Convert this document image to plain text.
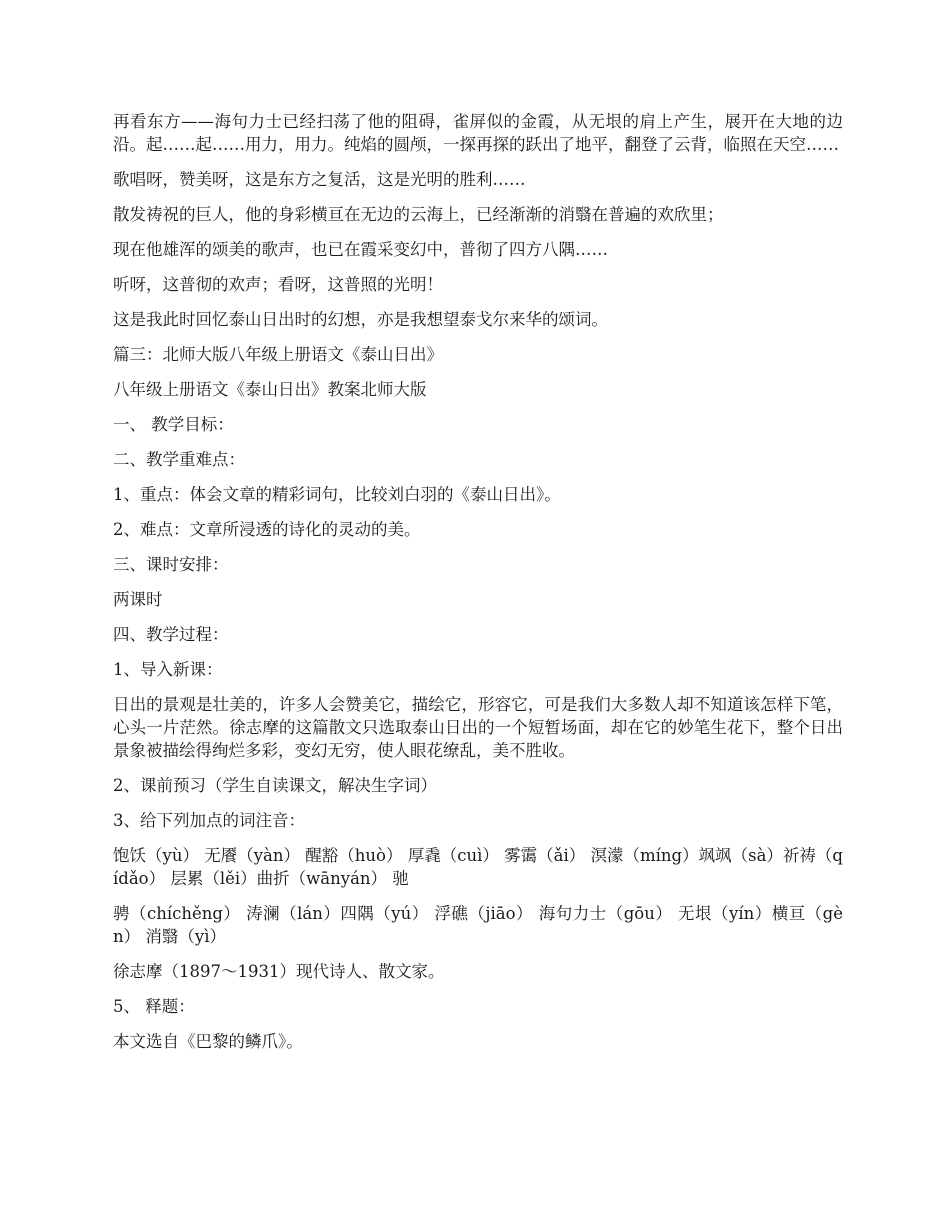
再看东方——海句力士已经扫荡了他的阻碍，雀屏似的金霞，从无垠的肩上产生，展开在大地的边沿。起……起……用力，用力。纯焰的圆颅，一探再探的跃出了地平，翻登了云背，临照在天空……

歌唱呀，赞美呀，这是东方之复活，这是光明的胜利……

散发祷祝的巨人，他的身彩横亘在无边的云海上，已经渐渐的消翳在普遍的欢欣里；

现在他雄浑的颂美的歌声，也已在霞采变幻中，普彻了四方八隅……

听呀，这普彻的欢声；看呀，这普照的光明！

这是我此时回忆泰山日出时的幻想，亦是我想望泰戈尔来华的颂词。

篇三：北师大版八年级上册语文《泰山日出》

八年级上册语文《泰山日出》教案北师大版

一、 教学目标：

二、教学重难点：

1、重点：体会文章的精彩词句，比较刘白羽的《泰山日出》。

2、难点：文章所浸透的诗化的灵动的美。

三、课时安排：

两课时

四、教学过程：

1、导入新课：

日出的景观是壮美的，许多人会赞美它，描绘它，形容它，可是我们大多数人却不知道该怎样下笔，心头一片茫然。徐志摩的这篇散文只选取泰山日出的一个短暂场面，却在它的妙笔生花下，整个日出景象被描绘得绚烂多彩，变幻无穷，使人眼花缭乱，美不胜收。

2、课前预习（学生自读课文，解决生字词）

3、给下列加点的词注音：

饱饫（yù） 无餍（yàn） 醒豁（huò） 厚毳（cuì） 雾霭（ǎi） 溟濛（míng）飒飒（sà）祈祷（qídǎo） 层累（lěi）曲折（wānyán） 驰

骋（chíchěng） 涛澜（lán）四隅（yú） 浮礁（jiāo） 海句力士（gōu） 无垠（yín）横亘（gèn） 消翳（yì）

徐志摩（1897～1931）现代诗人、散文家。

5、 释题：

本文选自《巴黎的鳞爪》。
